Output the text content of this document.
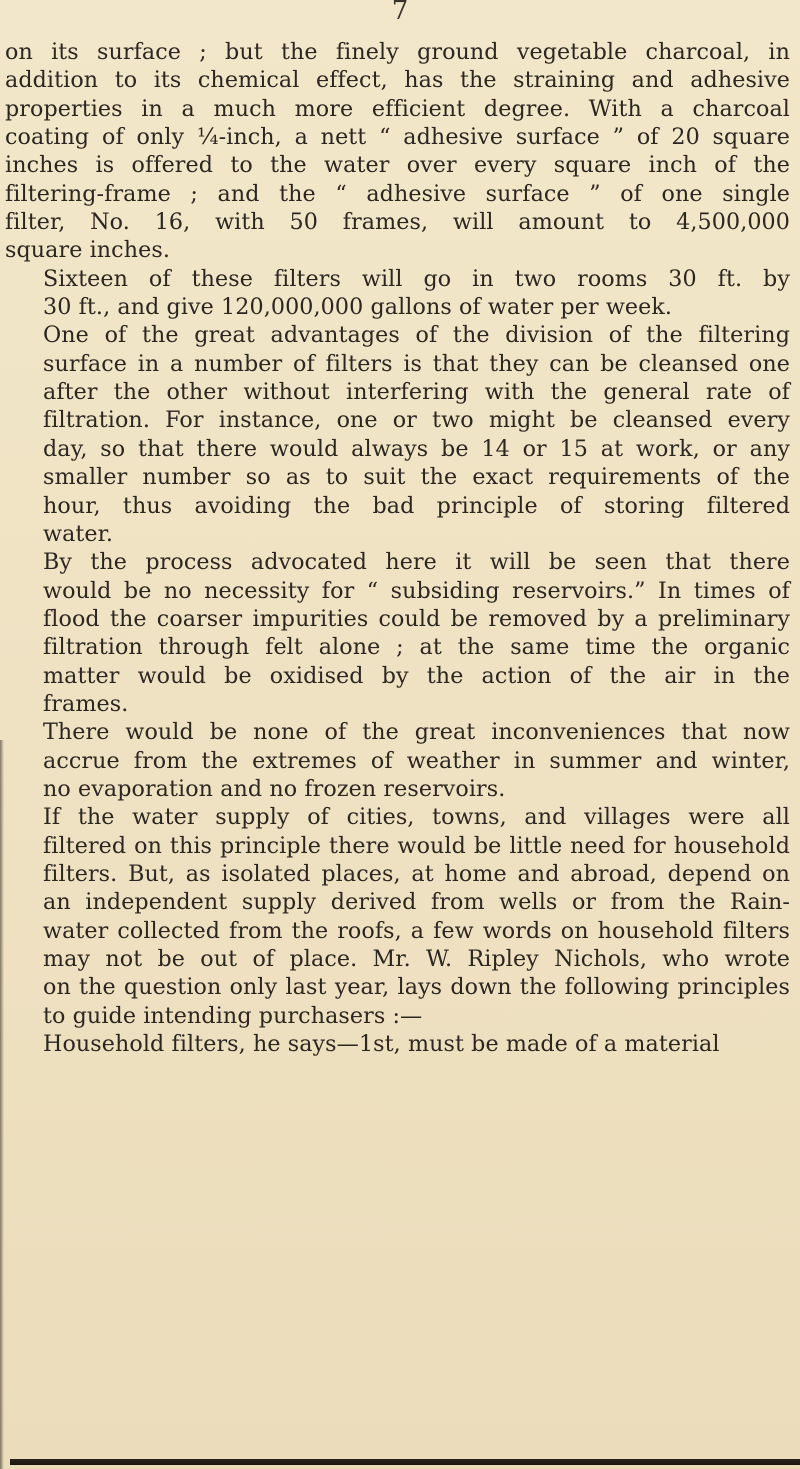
7

on its surface ; but the finely ground vegetable charcoal, in
addition to its chemical effect, has the straining and adhesive
properties in a much more efficient degree. With a charcoal
coating of only ¼-inch, a nett “ adhesive surface ” of 20 square
inches is offered to the water over every square inch of the
filtering-frame ; and the “ adhesive surface ” of one single
filter, No. 16, with 50 frames, will amount to 4,500,000
square inches.

Sixteen of these filters will go in two rooms 30 ft. by
30 ft., and give 120,000,000 gallons of water per week.

One of the great advantages of the division of the filtering
surface in a number of filters is that they can be cleansed one
after the other without interfering with the general rate of
filtration. For instance, one or two might be cleansed every
day, so that there would always be 14 or 15 at work, or any
smaller number so as to suit the exact requirements of the
hour, thus avoiding the bad principle of storing filtered
water.

By the process advocated here it will be seen that there
would be no necessity for “ subsiding reservoirs.” In times of
flood the coarser impurities could be removed by a preliminary
filtration through felt alone ; at the same time the organic
matter would be oxidised by the action of the air in the
frames.

There would be none of the great inconveniences that now
accrue from the extremes of weather in summer and winter,
no evaporation and no frozen reservoirs.

If the water supply of cities, towns, and villages were all
filtered on this principle there would be little need for household
filters. But, as isolated places, at home and abroad, depend on
an independent supply derived from wells or from the Rain-
water collected from the roofs, a few words on household filters
may not be out of place. Mr. W. Ripley Nichols, who wrote
on the question only last year, lays down the following principles
to guide intending purchasers :—

Household filters, he says—1st, must be made of a material
